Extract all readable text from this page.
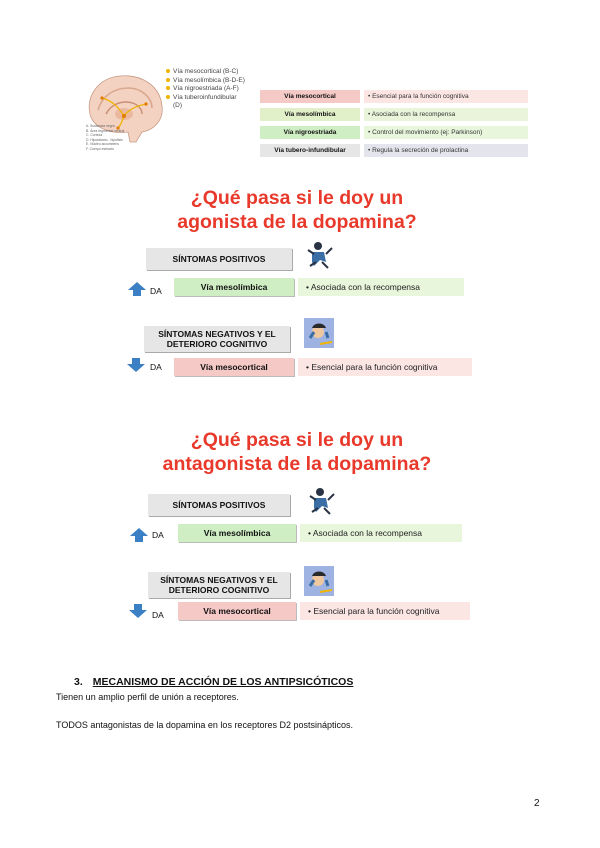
A. Sustancia negra
B. Área tegmental ventral
C. Corteza
D. Hipotálamo - hipófisis
E. Núcleo accumbens
F. Cuerpo estriado
Vía mesocortical (B-C)
Vía mesolímbica (B-D-E)
Vía nigroestriada (A-F)
Vía tuberoinfundibular
(D)
Vía mesocortical	• Esencial para la función cognitiva
Vía mesolímbica	• Asociada con la recompensa
Vía nigroestriada	• Control del movimiento (ej: Parkinson)
Vía tubero-infundibular	• Regula la secreción de prolactina
¿Qué pasa si le doy un
agonista de la dopamina?
SÍNTOMAS POSITIVOS
DA	Vía mesolímbica	• Asociada con la recompensa
SÍNTOMAS NEGATIVOS Y EL
DETERIORO COGNITIVO
DA	Vía mesocortical	• Esencial para la función cognitiva
¿Qué pasa si le doy un
antagonista de la dopamina?
SÍNTOMAS POSITIVOS
DA	Vía mesolímbica	• Asociada con la recompensa
SÍNTOMAS NEGATIVOS Y EL
DETERIORO COGNITIVO
DA	Vía mesocortical	• Esencial para la función cognitiva
3. MECANISMO DE ACCIÓN DE LOS ANTIPSICÓTICOS
Tienen un amplio perfil de unión a receptores.
TODOS antagonistas de la dopamina en los receptores D2 postsinápticos.
2
